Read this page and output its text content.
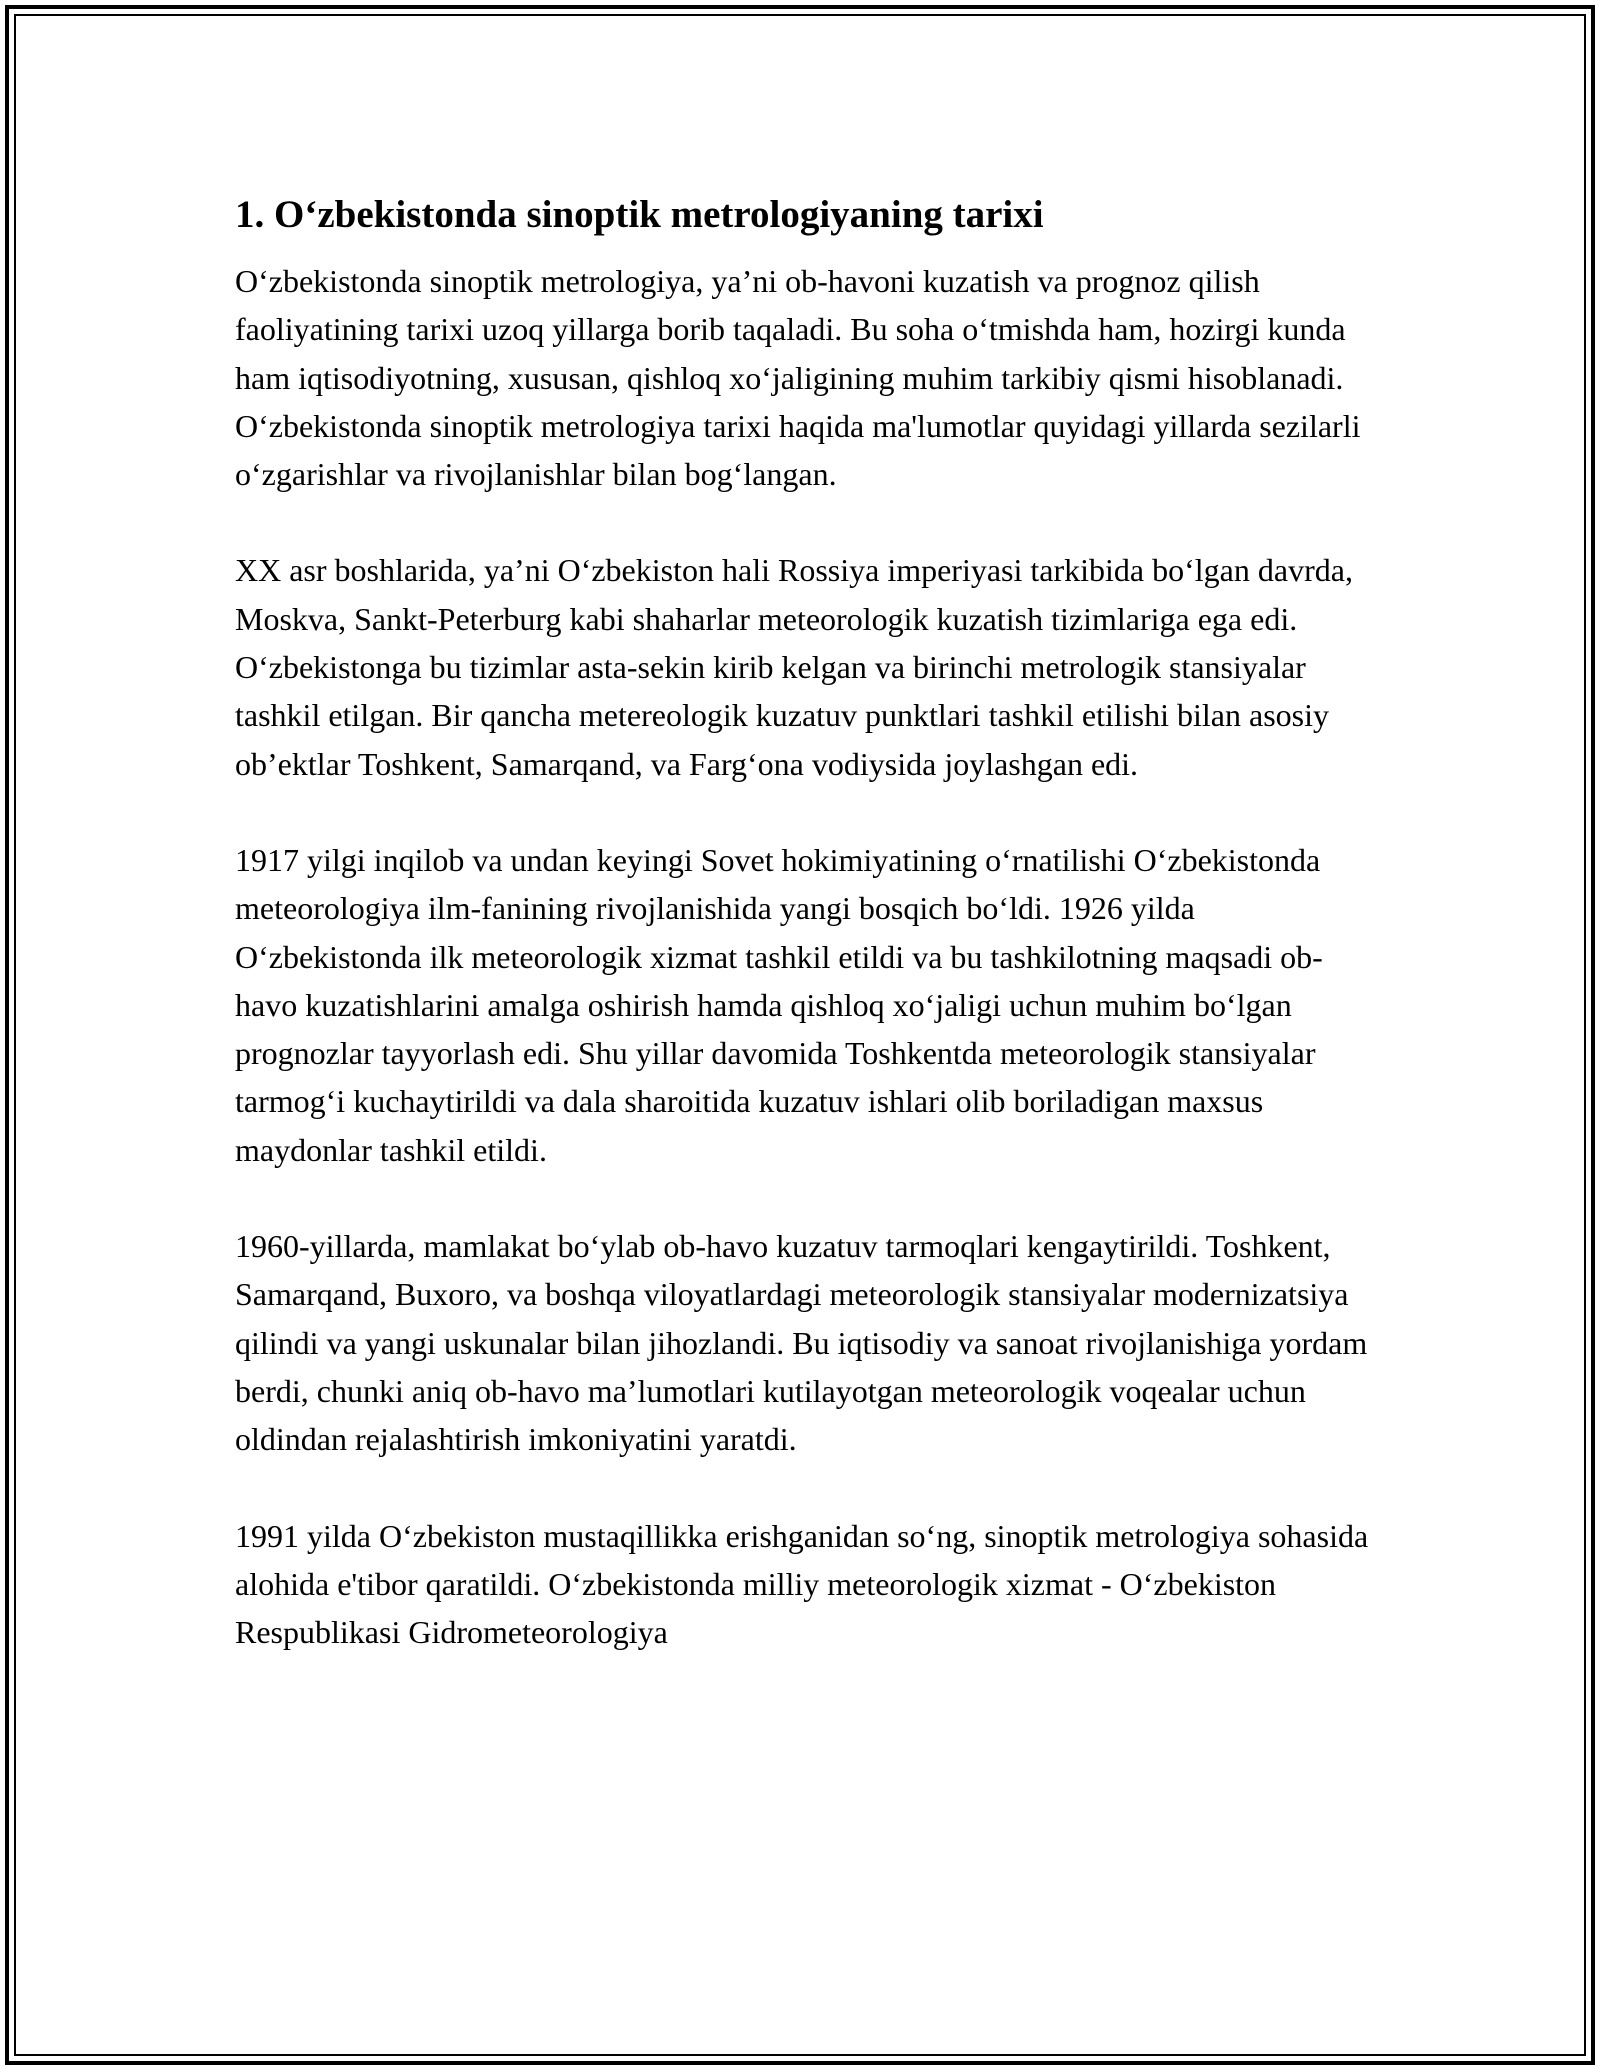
1. O‘zbekistonda sinoptik metrologiyaning tarixi

O‘zbekistonda sinoptik metrologiya, ya’ni ob-havoni kuzatish va prognoz qilish faoliyatining tarixi uzoq yillarga borib taqaladi. Bu soha o‘tmishda ham, hozirgi kunda ham iqtisodiyotning, xususan, qishloq xo‘jaligining muhim tarkibiy qismi hisoblanadi. O‘zbekistonda sinoptik metrologiya tarixi haqida ma'lumotlar quyidagi yillarda sezilarli o‘zgarishlar va rivojlanishlar bilan bog‘langan.

XX asr boshlarida, ya’ni O‘zbekiston hali Rossiya imperiyasi tarkibida bo‘lgan davrda, Moskva, Sankt-Peterburg kabi shaharlar meteorologik kuzatish tizimlariga ega edi. O‘zbekistonga bu tizimlar asta-sekin kirib kelgan va birinchi metrologik stansiyalar tashkil etilgan. Bir qancha metereologik kuzatuv punktlari tashkil etilishi bilan asosiy ob’ektlar Toshkent, Samarqand, va Farg‘ona vodiysida joylashgan edi.

1917 yilgi inqilob va undan keyingi Sovet hokimiyatining o‘rnatilishi O‘zbekistonda meteorologiya ilm-fanining rivojlanishida yangi bosqich bo‘ldi. 1926 yilda O‘zbekistonda ilk meteorologik xizmat tashkil etildi va bu tashkilotning maqsadi ob-havo kuzatishlarini amalga oshirish hamda qishloq xo‘jaligi uchun muhim bo‘lgan prognozlar tayyorlash edi. Shu yillar davomida Toshkentda meteorologik stansiyalar tarmog‘i kuchaytirildi va dala sharoitida kuzatuv ishlari olib boriladigan maxsus maydonlar tashkil etildi.

1960-yillarda, mamlakat bo‘ylab ob-havo kuzatuv tarmoqlari kengaytirildi. Toshkent, Samarqand, Buxoro, va boshqa viloyatlardagi meteorologik stansiyalar modernizatsiya qilindi va yangi uskunalar bilan jihozlandi. Bu iqtisodiy va sanoat rivojlanishiga yordam berdi, chunki aniq ob-havo ma’lumotlari kutilayotgan meteorologik voqealar uchun oldindan rejalashtirish imkoniyatini yaratdi.

1991 yilda O‘zbekiston mustaqillikka erishganidan so‘ng, sinoptik metrologiya sohasida alohida e'tibor qaratildi. O‘zbekistonda milliy meteorologik xizmat - O‘zbekiston Respublikasi Gidrometeorologiya
